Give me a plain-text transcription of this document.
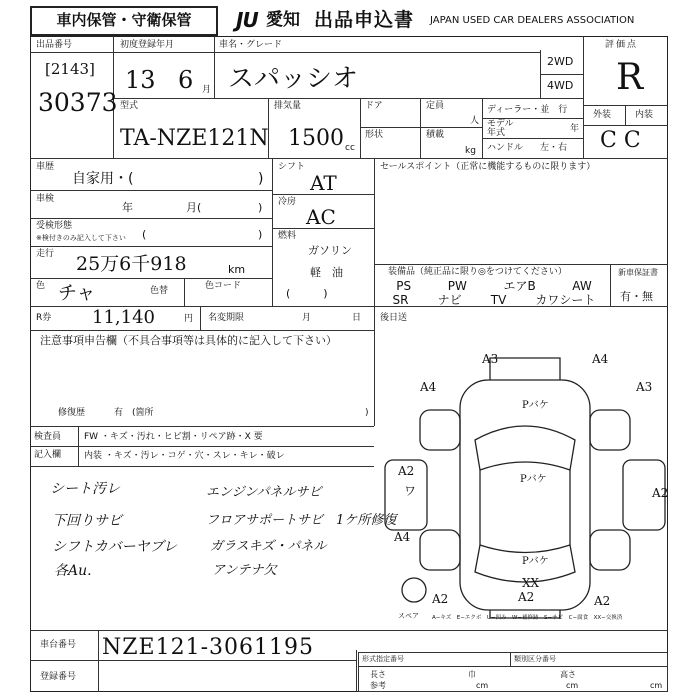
車内保管・守衛保管	JU 愛知 出品申込書 JAPAN USED CAR DEALERS ASSOCIATION
出品番号
[2143]
30373
初度登録年月
13 6 月
車名・グレード
スパッシオ
2WD
4WD
評価点
R
外装	内装
C C
型式
TA-NZE121N
排気量
1500 cc
ドア	定員
人
形状	積載
kg
ディーラー・並　行
モデル
年式	年
ハンドル 左・右
車歴
自家用・(	)
車検
年	月(	)
受検形態
※検付きのみ記入して下さい (	)
走行 25万6千918	km
色 チャ	色替	色コード
シフト
AT
冷房
AC
燃料
ガソリン
軽　油
(　　　)
セールスポイント（正常に機能するものに限ります）
装備品（純正品に限り◎をつけてください）
PS	PW	エアB	AW
SR ナビ TV カワシート
新車保証書
有・無
R券 11,140	円 名変期限	月	日 後日送
注意事項申告欄（不具合事項等は具体的に記入して下さい）
修復歴	有　(箇所	)
検査員
記入欄
FW ・キズ・汚れ・ヒビ割・リペア跡・X 要
内装 ・キズ・汚レ・コゲ・穴・スレ・キレ・破レ
シート汚レ
下回りサビ
シフトカバーヤブレ
各Au.
エンジンパネルサビ
フロアサポートサビ　1ケ所修復
ガラスキズ・パネル
アンテナ欠
A3	A4
A4	A3
A2
A2
A4
A2	A2	A2
XX
ワ
Pバケ
Pバケ
Pバケ
スペア A−キズ　E−エクボ　U−凹み　W−補修跡　S−サビ　C−腐食　XX−交換済
車台番号 NZE121-3061195
登録番号
形式指定番号	類別区分番号
長さ	巾	高さ
参考	cm	cm	cm
